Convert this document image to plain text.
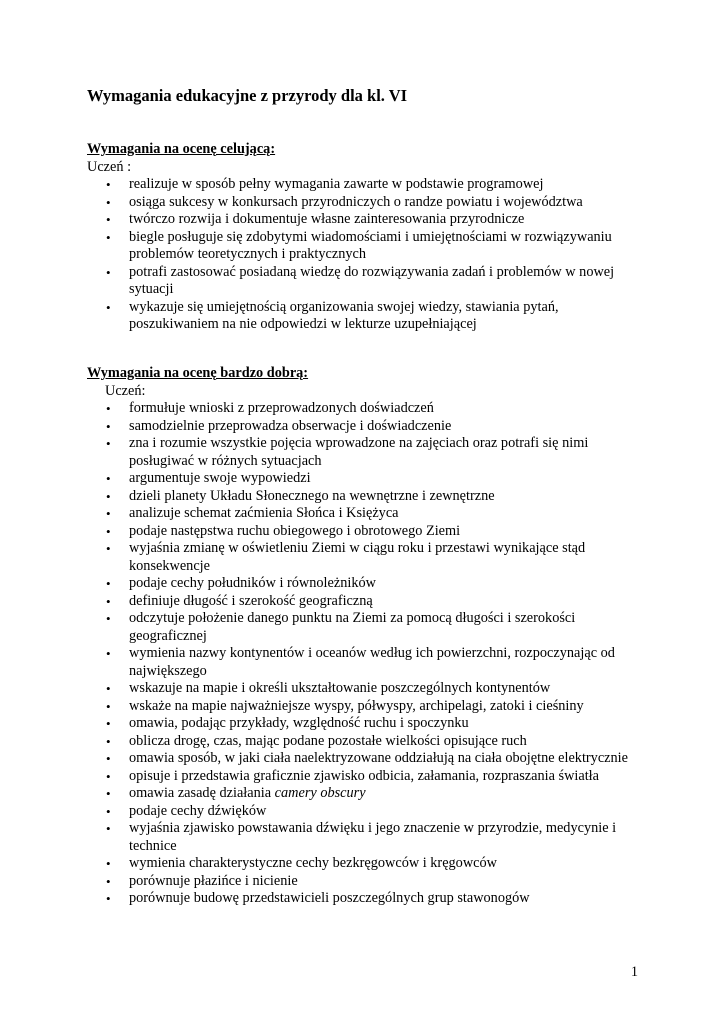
Wymagania edukacyjne z przyrody dla kl. VI

Wymagania na ocenę celującą:

Uczeń :

• realizuje w sposób pełny wymagania zawarte w podstawie programowej
• osiąga sukcesy w konkursach przyrodniczych o randze powiatu i województwa
• twórczo rozwija i dokumentuje własne zainteresowania przyrodnicze
• biegle posługuje się zdobytymi wiadomościami i umiejętnościami w rozwiązywaniu problemów teoretycznych i praktycznych
• potrafi zastosować posiadaną wiedzę do rozwiązywania zadań i problemów w nowej sytuacji
• wykazuje się umiejętnością organizowania swojej wiedzy, stawiania pytań, poszukiwaniem na nie odpowiedzi w lekturze uzupełniającej

Wymagania na ocenę bardzo dobrą:

Uczeń:

• formułuje wnioski z przeprowadzonych doświadczeń
• samodzielnie przeprowadza obserwacje i doświadczenie
• zna i rozumie wszystkie pojęcia wprowadzone na zajęciach oraz potrafi się nimi posługiwać w różnych sytuacjach
• argumentuje swoje wypowiedzi
• dzieli planety Układu Słonecznego na wewnętrzne i zewnętrzne
• analizuje schemat zaćmienia Słońca i Księżyca
• podaje następstwa ruchu obiegowego i obrotowego Ziemi
• wyjaśnia zmianę w oświetleniu Ziemi w ciągu roku i przestawi wynikające stąd konsekwencje
• podaje cechy południków i równoleżników
• definiuje długość i szerokość geograficzną
• odczytuje położenie danego punktu na Ziemi za pomocą długości i szerokości geograficznej
• wymienia nazwy kontynentów i oceanów według ich powierzchni, rozpoczynając od największego
• wskazuje na mapie i określi ukształtowanie poszczególnych kontynentów
• wskaże na mapie najważniejsze wyspy, półwyspy, archipelagi, zatoki i cieśniny
• omawia, podając przykłady, względność ruchu i spoczynku
• oblicza drogę, czas, mając podane pozostałe wielkości opisujące ruch
• omawia sposób, w jaki ciała naelektryzowane oddziałują na ciała obojętne elektrycznie
• opisuje i przedstawia graficznie zjawisko odbicia, załamania, rozpraszania światła
• omawia zasadę działania camery obscury
• podaje cechy dźwięków
• wyjaśnia zjawisko powstawania dźwięku i jego znaczenie w przyrodzie, medycynie i technice
• wymienia charakterystyczne cechy bezkręgowców i kręgowców
• porównuje płazińce i nicienie
• porównuje budowę przedstawicieli poszczególnych grup stawonogów
1
